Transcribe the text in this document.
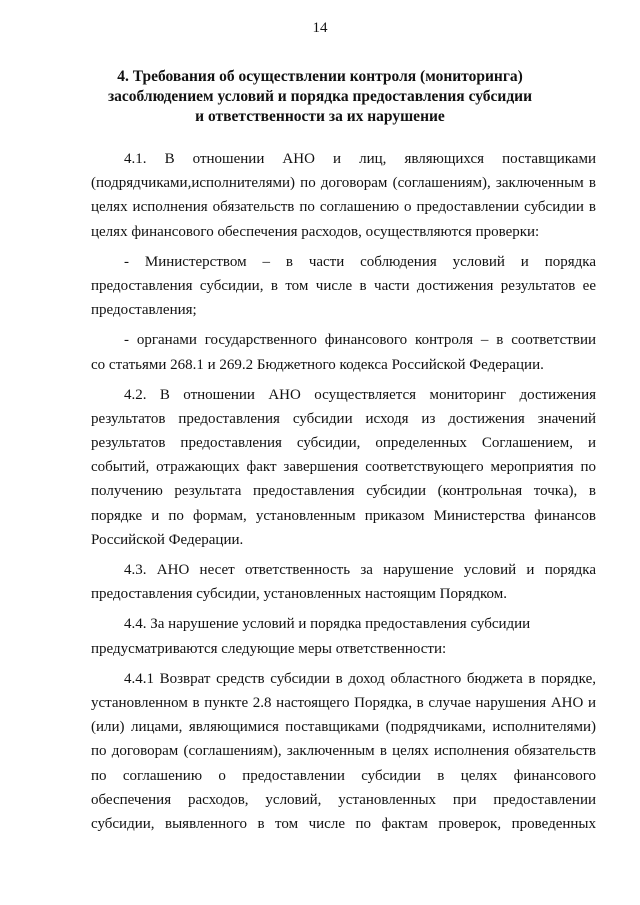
14
4. Требования об осуществлении контроля (мониторинга)
засоблюдением условий и порядка предоставления субсидии
и ответственности за их нарушение
4.1. В отношении АНО и лиц, являющихся поставщиками
(подрядчиками,исполнителями) по договорам (соглашениям), заключенным в
целях исполнения обязательств по соглашению о предоставлении субсидии в
целях финансового обеспечения расходов, осуществляются проверки:
- Министерством – в части соблюдения условий и порядка
предоставления субсидии, в том числе в части достижения результатов ее
предоставления;
- органами государственного финансового контроля – в соответствии
со статьями 268.1 и 269.2 Бюджетного кодекса Российской Федерации.
4.2. В отношении АНО осуществляется мониторинг достижения
результатов предоставления субсидии исходя из достижения значений
результатов предоставления субсидии, определенных Соглашением, и
событий, отражающих факт завершения соответствующего мероприятия по
получению результата предоставления субсидии (контрольная точка), в
порядке и по формам, установленным приказом Министерства финансов
Российской Федерации.
4.3. АНО несет ответственность за нарушение условий и порядка
предоставления субсидии, установленных настоящим Порядком.
4.4. За нарушение условий и порядка предоставления субсидии
предусматриваются следующие меры ответственности:
4.4.1 Возврат средств субсидии в доход областного бюджета в порядке,
установленном в пункте 2.8 настоящего Порядка, в случае нарушения АНО и
(или) лицами, являющимися поставщиками (подрядчиками, исполнителями)
по договорам (соглашениям), заключенным в целях исполнения обязательств
по соглашению о предоставлении субсидии в целях финансового
обеспечения расходов, условий, установленных при предоставлении
субсидии, выявленного в том числе по фактам проверок, проведенных
